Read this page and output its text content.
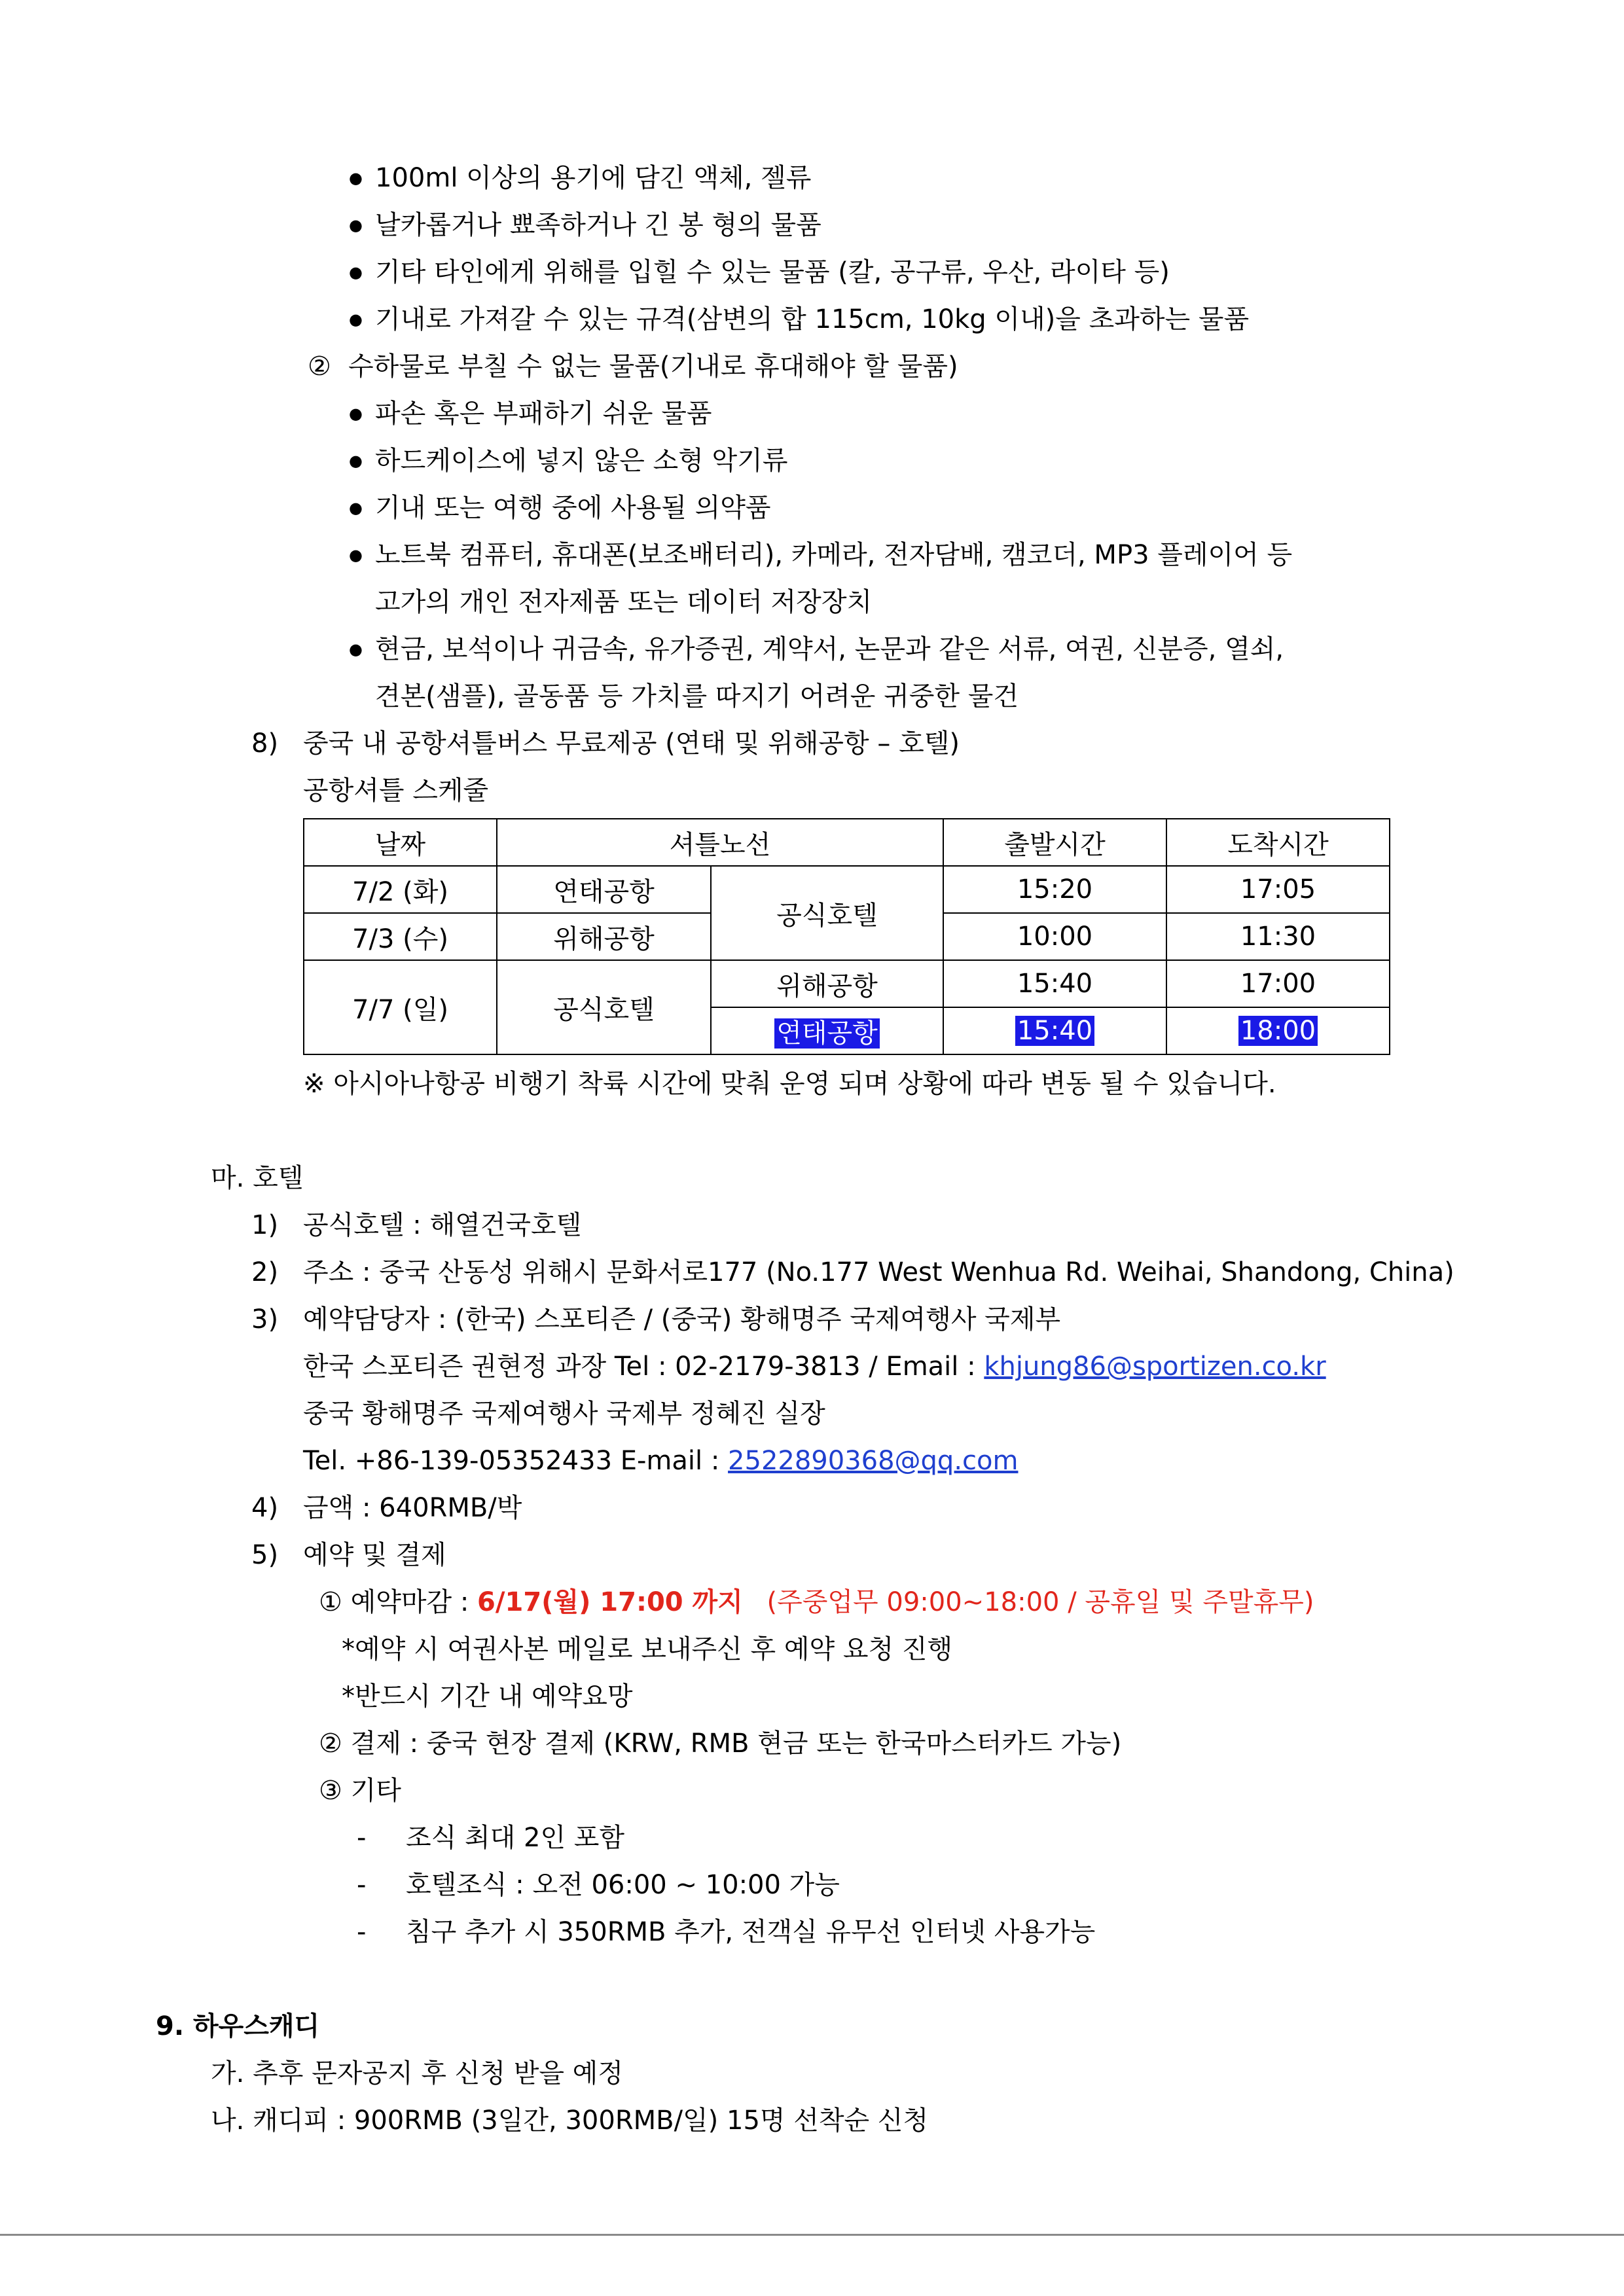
● 100ml 이상의 용기에 담긴 액체, 젤류
● 날카롭거나 뾰족하거나 긴 봉 형의 물품
● 기타 타인에게 위해를 입힐 수 있는 물품 (칼, 공구류, 우산, 라이타 등)
● 기내로 가져갈 수 있는 규격(삼변의 합 115cm, 10kg 이내)을 초과하는 물품
② 수하물로 부칠 수 없는 물품(기내로 휴대해야 할 물품)
● 파손 혹은 부패하기 쉬운 물품
● 하드케이스에 넣지 않은 소형 악기류
● 기내 또는 여행 중에 사용될 의약품
● 노트북 컴퓨터, 휴대폰(보조배터리), 카메라, 전자담배, 캠코더, MP3 플레이어 등
고가의 개인 전자제품 또는 데이터 저장장치
● 현금, 보석이나 귀금속, 유가증권, 계약서, 논문과 같은 서류, 여권, 신분증, 열쇠,
견본(샘플), 골동품 등 가치를 따지기 어려운 귀중한 물건
8) 중국 내 공항셔틀버스 무료제공 (연태 및 위해공항 – 호텔)
공항셔틀 스케줄
날짜	셔틀노선		출발시간	도착시간
7/2 (화)	연태공항	공식호텔	15:20	17:05
7/3 (수)	위해공항		10:00	11:30
7/7 (일)	공식호텔	위해공항	15:40	17:00
		연태공항	15:40	18:00
※ 아시아나항공 비행기 착륙 시간에 맞춰 운영 되며 상황에 따라 변동 될 수 있습니다.
마. 호텔
1) 공식호텔 : 해열건국호텔
2) 주소 : 중국 산동성 위해시 문화서로177 (No.177 West Wenhua Rd. Weihai, Shandong, China)
3) 예약담당자 : (한국) 스포티즌 / (중국) 황해명주 국제여행사 국제부
한국 스포티즌 권현정 과장 Tel : 02-2179-3813 / Email : khjung86@sportizen.co.kr
중국 황해명주 국제여행사 국제부 정혜진 실장
Tel. +86-139-05352433 E-mail : 2522890368@qq.com
4) 금액 : 640RMB/박
5) 예약 및 결제
① 예약마감 : 6/17(월) 17:00 까지 (주중업무 09:00~18:00 / 공휴일 및 주말휴무)
*예약 시 여권사본 메일로 보내주신 후 예약 요청 진행
*반드시 기간 내 예약요망
② 결제 : 중국 현장 결제 (KRW, RMB 현금 또는 한국마스터카드 가능)
③ 기타
- 조식 최대 2인 포함
- 호텔조식 : 오전 06:00 ~ 10:00 가능
- 침구 추가 시 350RMB 추가, 전객실 유무선 인터넷 사용가능
9. 하우스캐디
가. 추후 문자공지 후 신청 받을 예정
나. 캐디피 : 900RMB (3일간, 300RMB/일) 15명 선착순 신청
